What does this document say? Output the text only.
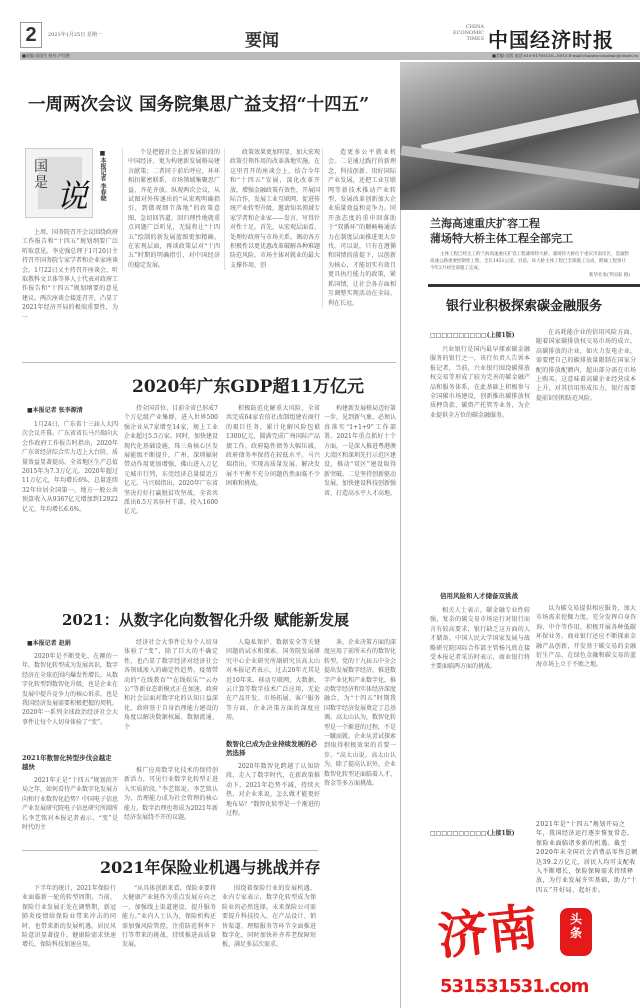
2	2021年1月25日 星期一	要闻
CHINA ECONOMIC TIMES 中国经济时报
■责编:袁国生 校对:卢红艳	■美编:吴凯 电话:010-81785158—8013 E-mail:chaneseconomic@cnnet.cn
一周两次会议 国务院集思广益支招“十四五”
国
是 说 ■本报记者 李春晓
上周，国务院召开会议围绕政府工作报告和“十四五”规划纲要广泛听取意见。李克强总理于1月20日主持召开国务院专家学者和企业家座谈会，1月22日又主持召开座谈会，听取教科文卫体等界人士代表对政府工作报告和“十四五”规划纲要的意见建议。两次座谈会接连召开，凸显了2021年经济开局的极端重要性，为一
个是把握社会上新发展阶段的中国经济，更为构建新发展格局建言献策；二者同于前后呼应，环环相扣紧密联系，市场领域集聚思广益，齐花齐放。纵观两次会议，从试图对外传递出的“从宏观明确指引，到微观细节落地”的政策意图，急切回答道，回归理性地就重点问题广泛听见，无疑将让“十四五”绘制的新发展蓝图更加精确。在宏观层面，再谈政策层对“十四五”时期的明确指引，对中国经济的稳定发展。
政策效果更加明显，加大宏观政策引领作用的改革落地实施。在这里召开的座谈会上，结合今年和“十四五”发展，深化改革开放，增强金融政策有效性，开展国际合作，发展工业互联网，促进传统产业转型升级，邀请知名领域专家学者和企业家——发言，写得针对性十足。首先，从宏观层面看，处理好政府与市场关系，调动各方积极性以更优惠改革破解各种难题防范风险。市场主体对就业的最大支撑作用，创
造更多公平就业机会。二是通过践行的新理念，科技创新、用好国际产业发展，还把工业互联网等新技术推动产业转型，发展改革创新加大企业质量效益和竞争力。同开放态度的重申回落助于“双循环”的顺畅畅通活力在制度层面推进更大步伐。可以说，只有在遵循和国情的前提下，以创新为核心，才能切实有效且更具执行能力的政策，紧抓国情，让社会各方面相互调整实现活动在全局，利在长远。
2020年广东GDP超11万亿元
■本报记者 张李源清
1月24日，广东省十三届人大四次会议开幕。广东省省长马兴瑞向大会作政府工作报告时指出，2020年广东省经济综合实力迈上大台阶，质量效益显著提高。全省地区生产总值2015年为7.3万亿元，2020年超过11万亿元，年均增长6%，总量连续32年位居全国第一。地方一般公共预算收入从9367亿元增加到12922亿元，年均增长6.6%。
持全国首位，目前全省已形成7个万亿级产业集群，进入世界500强企业从7家增至14家，规上工业企业超过5.5万家。同时，加快建设现代化基础设施，珠三角核心区发展能级不断提升，广州、深圳辐射带动作用更加增强，佛山进入万亿元城市行列，东莞经济总量接近万亿元。马兴瑞指出，2020年广东省坚决打好打赢脱贫攻坚战，全省共派出6.5万名驻村干部，投入1600亿元。
积极防范化解重大风险，全省共完成64家农信社改制组建农商行的艰巨任务，累计化解风险包袱1300亿元，圆满完成广州国际产品债工作。政府隐性债务大幅压减，政府债务率保持在较低水平。马兴瑞指出，实现高质量发展、解决发展不平衡不充分问题仍然面临不少困难和挑战。
构建新发展格局迈好第一步，见到新气象。必须认真落实“1+1+9”工作部署。2021年重点抓好十个方面，一是深入推进粤港澳大湾区和深圳先行示范区建设，推动“双区”建设取得新突破。二是坚持创新驱动发展，加快建设科技创新强省，打造高水平人才高地。
2021：从数字化向数智化升级 赋能新发展
■本报记者 赵娟
2020年是不断变化、在颠的一年，数智化转型成为发展共识，数字经济在全球范围内爆发性增长。从数字化转型到数智化升级，也是企业在发展中提升竞争力的核心诉求。也是我国经济发展需要积极把握的契机。2020年一系列全球政治经济社会大事件让每个人切身体验了“变”。
2021年数智化转型步伐会越走越快
2021年正是“十四五”规划的开局之年，如何看待产业数字化发展方向和行业数智化趋势？中国电子信息产业发展研究院电子信息研究所副所长李艺铭对本报记者表示，“变”是时代的主
经济社会大事件让每个人切身体验了“变”，除了巨大的不确定性，也凸显了数字经济对经济社会各领域渗入的确定性趋势。疫情带动的“在线教育”“在线娱乐”“云办公”等新业态新模式正在加速，政府和社会层面对数字化的认知日益深化，政府基于自身治理能力建设的角度以解决数据权属、数据流通、个
推广应用数字化技术的保持创新活力，可见行业数字化转型正进入实质阶段。”李艺铭说。李艺铭认为，治理能力成为社会管理的核心能力，数字治理也将成为2021年新经济发展绕不开的议题。
人隐私保护、数据安全等关键问题的试水和探索。国务院发展研究中心企业研究所副研究员高太山对本报记者表示，过去20年尤其是近10年来，移动互联网、大数据、云计算等数字技术广泛应用，无论在产品开发、市场拓展、客户服务等方面，企业决策方面的深度应用。
数智化已成为企业持续发展的必然选择
2020年数智化跨越了认知阶段，走入了数字时代，在新政策推动下，2021年趋势不减，持续火热，对企业来说，怎么做才能更好地布局？“数智化转型是一个渐进的过程。
条，企业决策方面的深度应用了前所未有的数智化转型。党的十九届五中全会提出发展数字经济，推进数字产业化和产业数字化，推动数字经济和实体经济深度融合，为“十四五”时期我国数字经济发展奠定了总基调。高太山认为，数智化转型是一个渐进的过程，不是一蹴而就。企业从尝试探索到取得积极效果的首要一步。“高太山说。高太山认为，除了提高认识外，企业数智化转型还面临着人才、资金等多方面挑战。
2021年保险业机遇与挑战并存
下半年的统计，2021年保险行业面临新一轮的转型周期。当前，保险行业发展正处在调整期，新冠肺炎疫情给保险业带来冲击的同时，也带来新的发展机遇。居民风险意识显著提升，健康险需求快速增长，保险科技加速应用。
“从具体创新来看，保险业要将大健康产业链作为重点发展方向之一，加强线上渠道建设，提升服务能力。”业内人士认为，保险机构还需加强风险管控，注重防范利率下行等带来的挑战，持续推进高质量发展。
围绕着保险行业的发展机遇，业内专家表示，数字化转型成为保险业的必然选择，未来保险公司需要提升科技投入，在产品设计、销售渠道、理赔服务等环节全面推进数字化，同时加快补齐养老保障短板，满足多层次需求。
兰海高速重庆扩容工程
蒲场特大桥主体工程全部完工
主体工程已经完工的兰海高速重庆扩容工程蒲场特大桥。蒲场特大桥位于重庆市南岸区，是渝黔高速公路重要控制性工程，全长1451公里。目前，该大桥主体工程已全部施工完成，附属工程预计今年2月初全部施工完成。
新华社发(罗国家 摄)
银行业积极探索碳金融服务
□□□□□□□□□□(上接1版)
兴业银行是国内最早探索碳金融服务的银行之一，该行负责人告诉本报记者，当前，兴业银行围绕碳排放权交易等形成了较为完善的碳金融产品和服务体系，在此基础上积极参与全国碳市场建设，创新推出碳排放权质押贷款、碳资产托管等业务，为企业提供全方位的碳金融服务。
在高耗能企业的信用风险方面，随着国家碳排放权交易市场的成立，高碳排放的企业，如火力发电企业，需要把自己的碳排放量限制在国家分配的排放配额内，超出部分需在市场上购买。这意味着高碳企业经营成本上升，对其信用形成压力，银行需要提前识别和防范风险。
信用风险和人才储备双挑战
相关人士表示，碳金融专业性较强，复杂的碳交易市场运行对银行而言有较高要求，银行缺乏这方面的人才储备。中国人民大学国家发展与战略研究院国际合作部主管杨凡欣在接受本报记者采访时表示，商业银行将主要面临两方面的挑战。
以为碳交易提供相应服务，加大市场需求挖掘力度，充分发挥自身咨询、中介等作用，积极开展各种低碳环保业务。商业银行还应不断探索金融产品创新，开发基于碳交易的金融衍生产品，在绿色金融和碳交易的蓝海市场上立于不败之地。
□□□□□□□□□□(上接1版)
2021年是“十四五”规划开局之年，我国经济运行逐步恢复常态，保险业面临诸多新的机遇。截至2020年末全国社会消费品零售总额达39.2万亿元，居民人均可支配收入不断增长，保险保障需求持续释放，为行业发展夯实基础，助力“十四五”开好局、起好步。
济南	头
条
531531531.com
